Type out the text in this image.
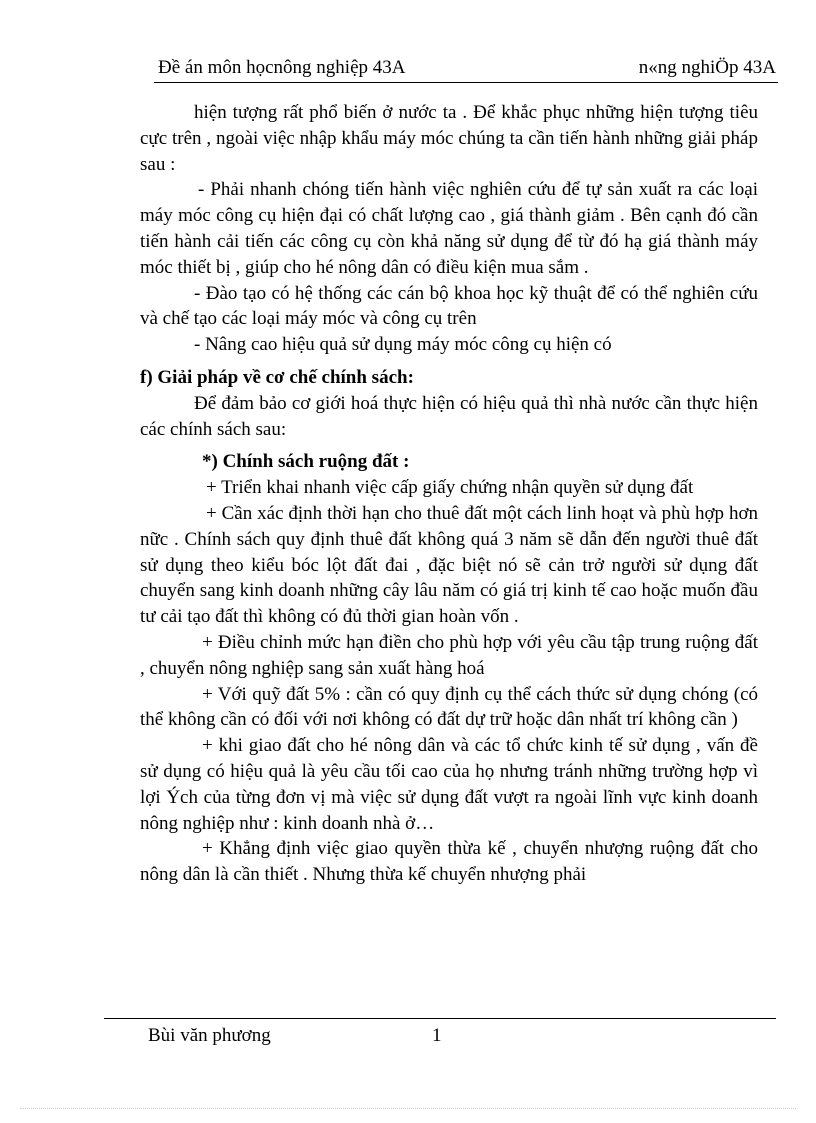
Đề án môn họcnông nghiệp 43A	n«ng nghiÖp 43A

hiện tượng rất phổ biến ở nước ta . Để khắc phục những hiện tượng tiêu cực trên , ngoài việc nhập khẩu máy móc chúng ta cần tiến hành những giải pháp sau :

- Phải nhanh chóng tiến hành việc nghiên cứu để tự sản xuất ra các loại máy móc công cụ hiện đại có chất lượng cao , giá thành giảm . Bên cạnh đó cần tiến hành cải tiến các công cụ còn khả năng sử dụng để từ đó hạ giá thành máy móc thiết bị , giúp cho hé nông dân có điều kiện mua sắm .

- Đào tạo có hệ thống các cán bộ khoa học kỹ thuật để có thể nghiên cứu và chế tạo các loại máy móc và công cụ trên

- Nâng cao hiệu quả sử dụng máy móc công cụ hiện có

f) Giải pháp về cơ chế chính sách:

Để đảm bảo cơ giới hoá thực hiện có hiệu quả thì nhà nước cần thực hiện các chính sách sau:

*) Chính sách ruộng đất :

+ Triển khai nhanh việc cấp giấy chứng nhận quyền sử dụng đất

+ Cần xác định thời hạn cho thuê đất một cách linh hoạt và phù hợp hơn nữc . Chính sách quy định thuê đất không quá 3 năm sẽ dẫn đến người thuê đất sử dụng theo kiểu bóc lột đất đai , đặc biệt nó sẽ cản trở người sử dụng đất chuyển sang kinh doanh những cây lâu năm có giá trị kinh tế cao hoặc muốn đầu tư cải tạo đất thì không có đủ thời gian hoàn vốn .

+ Điều chỉnh mức hạn điền cho phù hợp với yêu cầu tập trung ruộng đất , chuyển nông nghiệp sang sản xuất hàng hoá

+ Với quỹ đất 5% : cần có quy định cụ thể cách thức sử dụng chóng (có thể không cần có đối với nơi không có đất dự trữ hoặc dân nhất trí không cần )

+ khi giao đất cho hé nông dân và các tổ chức kinh tế sử dụng , vấn đề sử dụng có hiệu quả là yêu cầu tối cao của họ nhưng tránh những trường hợp vì lợi Ých của từng đơn vị mà việc sử dụng đất vượt ra ngoài lĩnh vực kinh doanh nông nghiệp như : kinh doanh nhà ở…

+ Khẳng định việc giao quyền thừa kế , chuyển nhượng ruộng đất cho nông dân là cần thiết . Nhưng thừa kế chuyển nhượng phải

Bùi văn phương	1
